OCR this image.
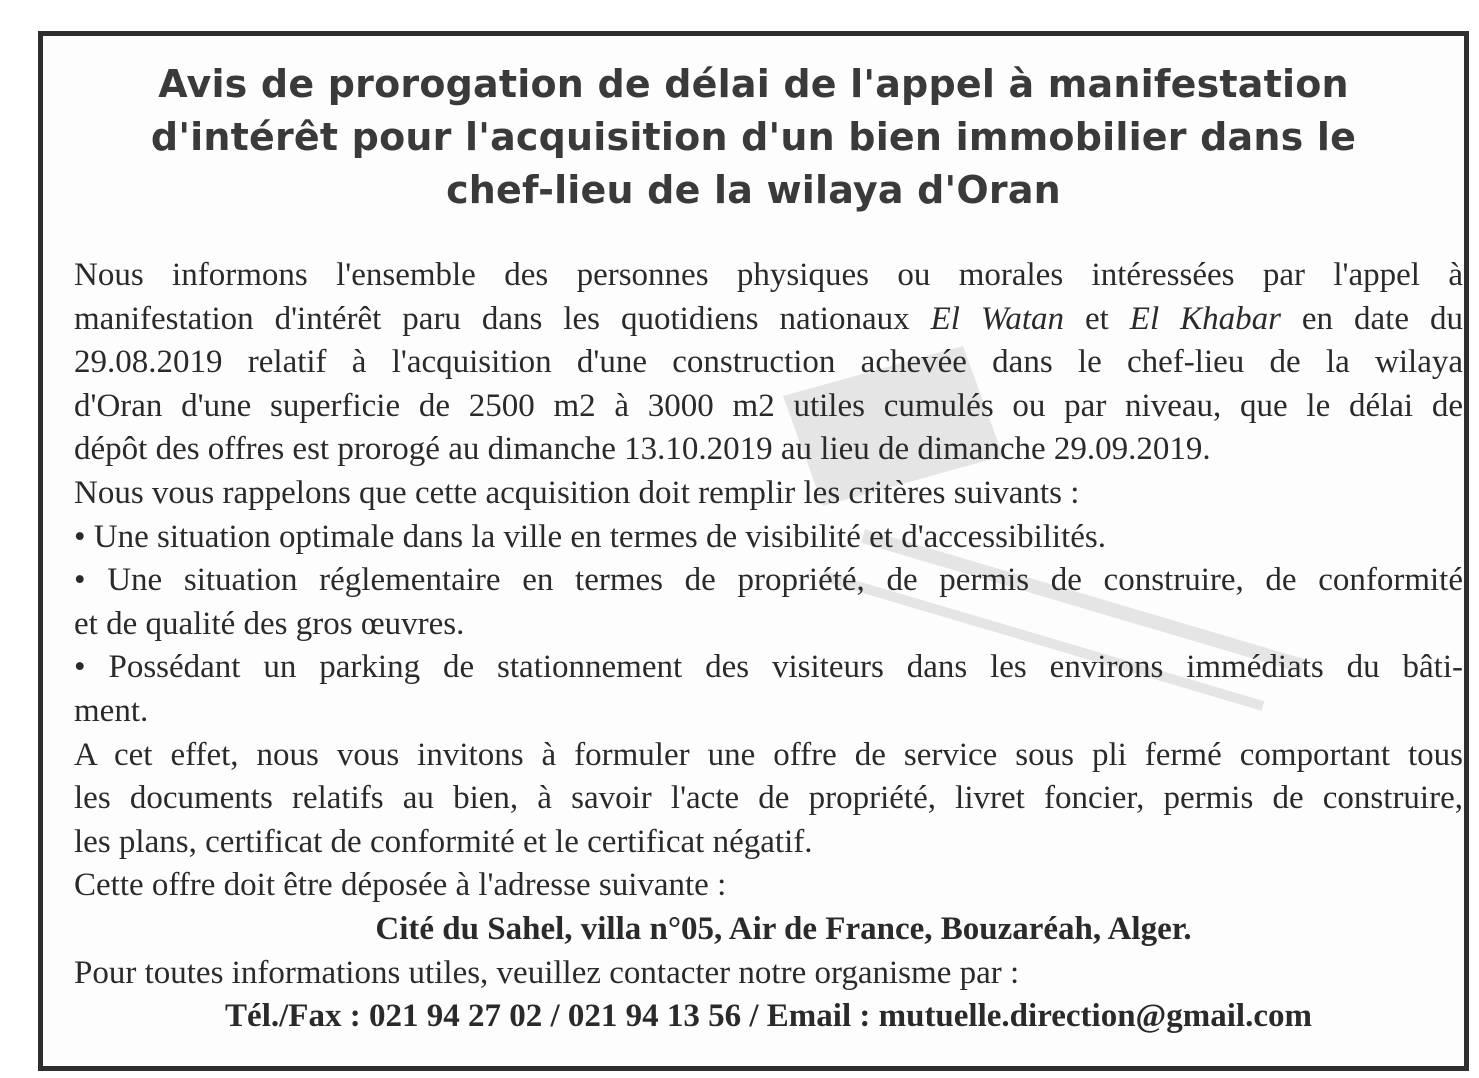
Avis de prorogation de délai de l'appel à manifestation
d'intérêt pour l'acquisition d'un bien immobilier dans le
chef-lieu de la wilaya d'Oran

Nous informons l'ensemble des personnes physiques ou morales intéressées par l'appel à

manifestation d'intérêt paru dans les quotidiens nationaux El Watan et El Khabar en date du

29.08.2019 relatif à l'acquisition d'une construction achevée dans le chef-lieu de la wilaya

d'Oran d'une superficie de 2500 m2 à 3000 m2 utiles cumulés ou par niveau, que le délai de

dépôt des offres est prorogé au dimanche 13.10.2019 au lieu de dimanche 29.09.2019.

Nous vous rappelons que cette acquisition doit remplir les critères suivants :

• Une situation optimale dans la ville en termes de visibilité et d'accessibilités.

• Une situation réglementaire en termes de propriété, de permis de construire, de conformité

et de qualité des gros œuvres.

• Possédant un parking de stationnement des visiteurs dans les environs immédiats du bâti-

ment.

A cet effet, nous vous invitons à formuler une offre de service sous pli fermé comportant tous

les documents relatifs au bien, à savoir l'acte de propriété, livret foncier, permis de construire,

les plans, certificat de conformité et le certificat négatif.

Cette offre doit être déposée à l'adresse suivante :

Cité du Sahel, villa n°05, Air de France, Bouzaréah, Alger.

Pour toutes informations utiles, veuillez contacter notre organisme par :

Tél./Fax : 021 94 27 02 / 021 94 13 56 / Email : mutuelle.direction@gmail.com
